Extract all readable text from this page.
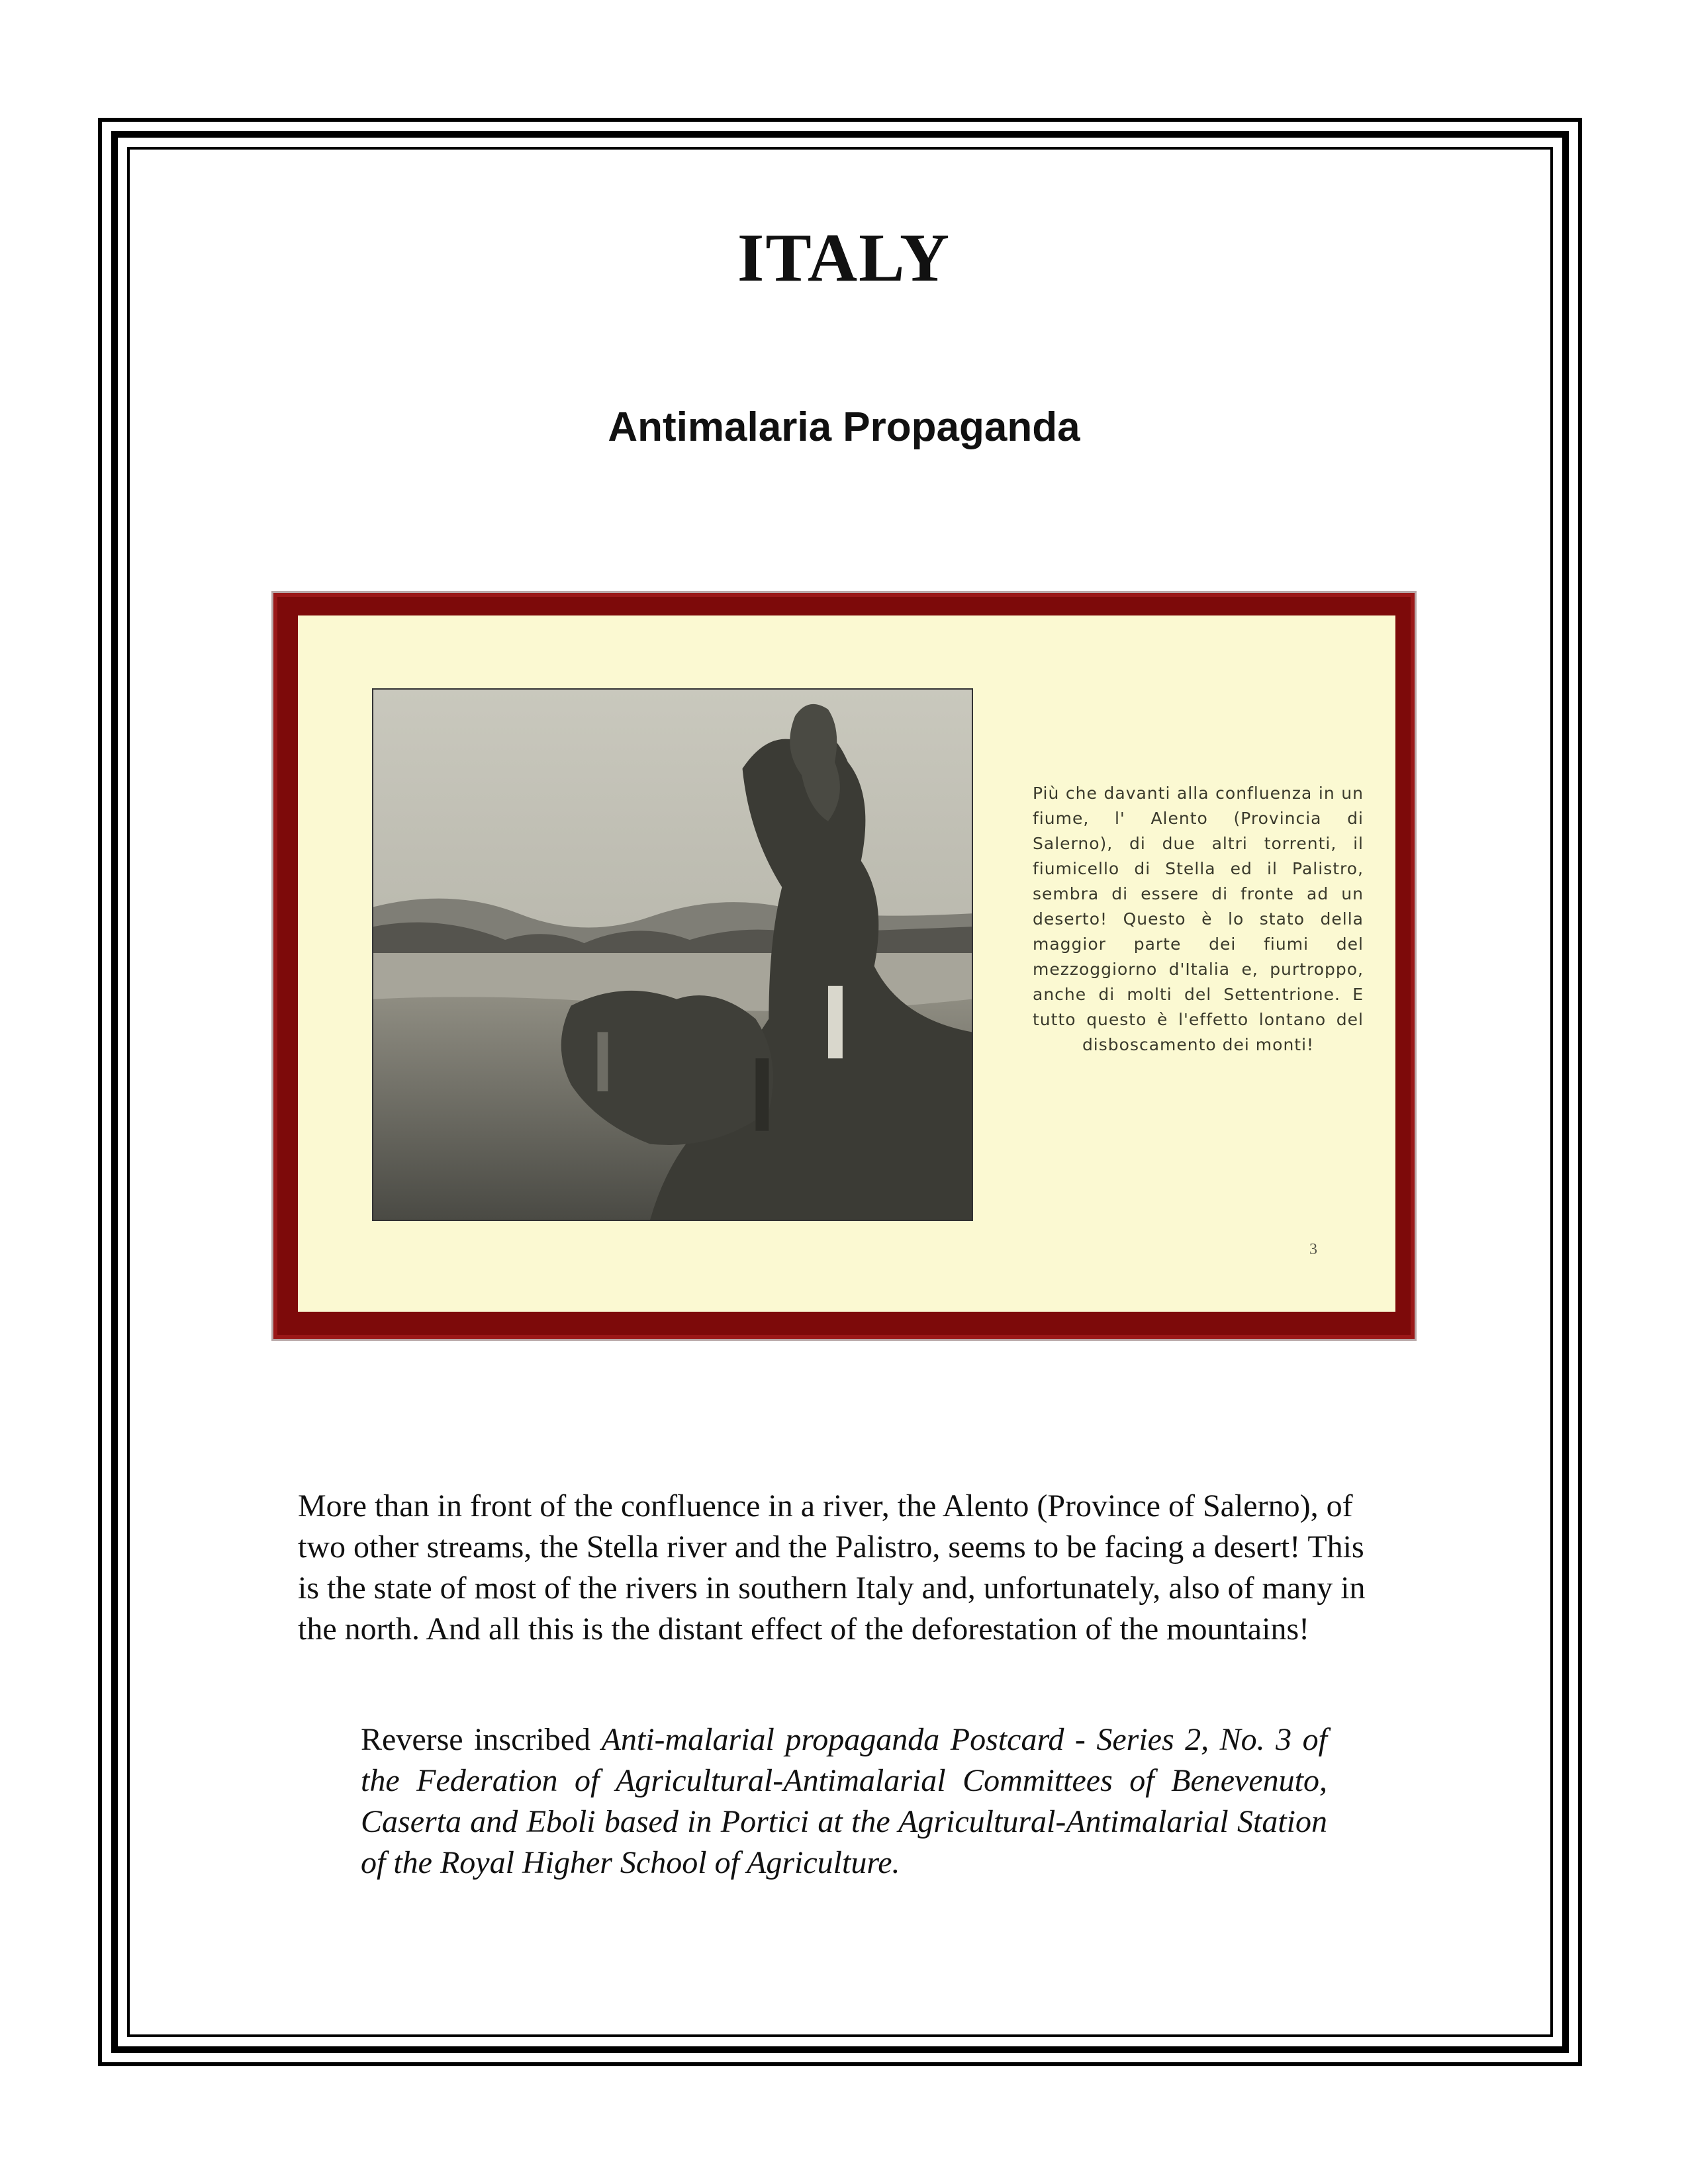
ITALY
Antimalaria Propaganda
Più che davanti alla confluenza in un fiume, l' Alento (Provincia di Salerno), di due altri torrenti, il fiumicello di Stella ed il Palistro, sembra di essere di fronte ad un deserto! Questo è lo stato della maggior parte dei fiumi del mezzoggiorno d'Italia e, purtroppo, anche di molti del Settentrione. E tutto questo è l'effetto lontano del disboscamento dei monti!
3
More than in front of the confluence in a river, the Alento (Province of Salerno), of two other streams, the Stella river and the Palistro, seems to be facing a desert! This is the state of most of the rivers in southern Italy and, unfortunately, also of many in the north. And all this is the distant effect of the deforestation of the mountains!
Reverse inscribed Anti-malarial propaganda Postcard - Series 2, No. 3 of the Federation of Agricultural-Antimalarial Committees of Benevenuto, Caserta and Eboli based in Portici at the Agricultural-Antimalarial Station of the Royal Higher School of Agriculture.
